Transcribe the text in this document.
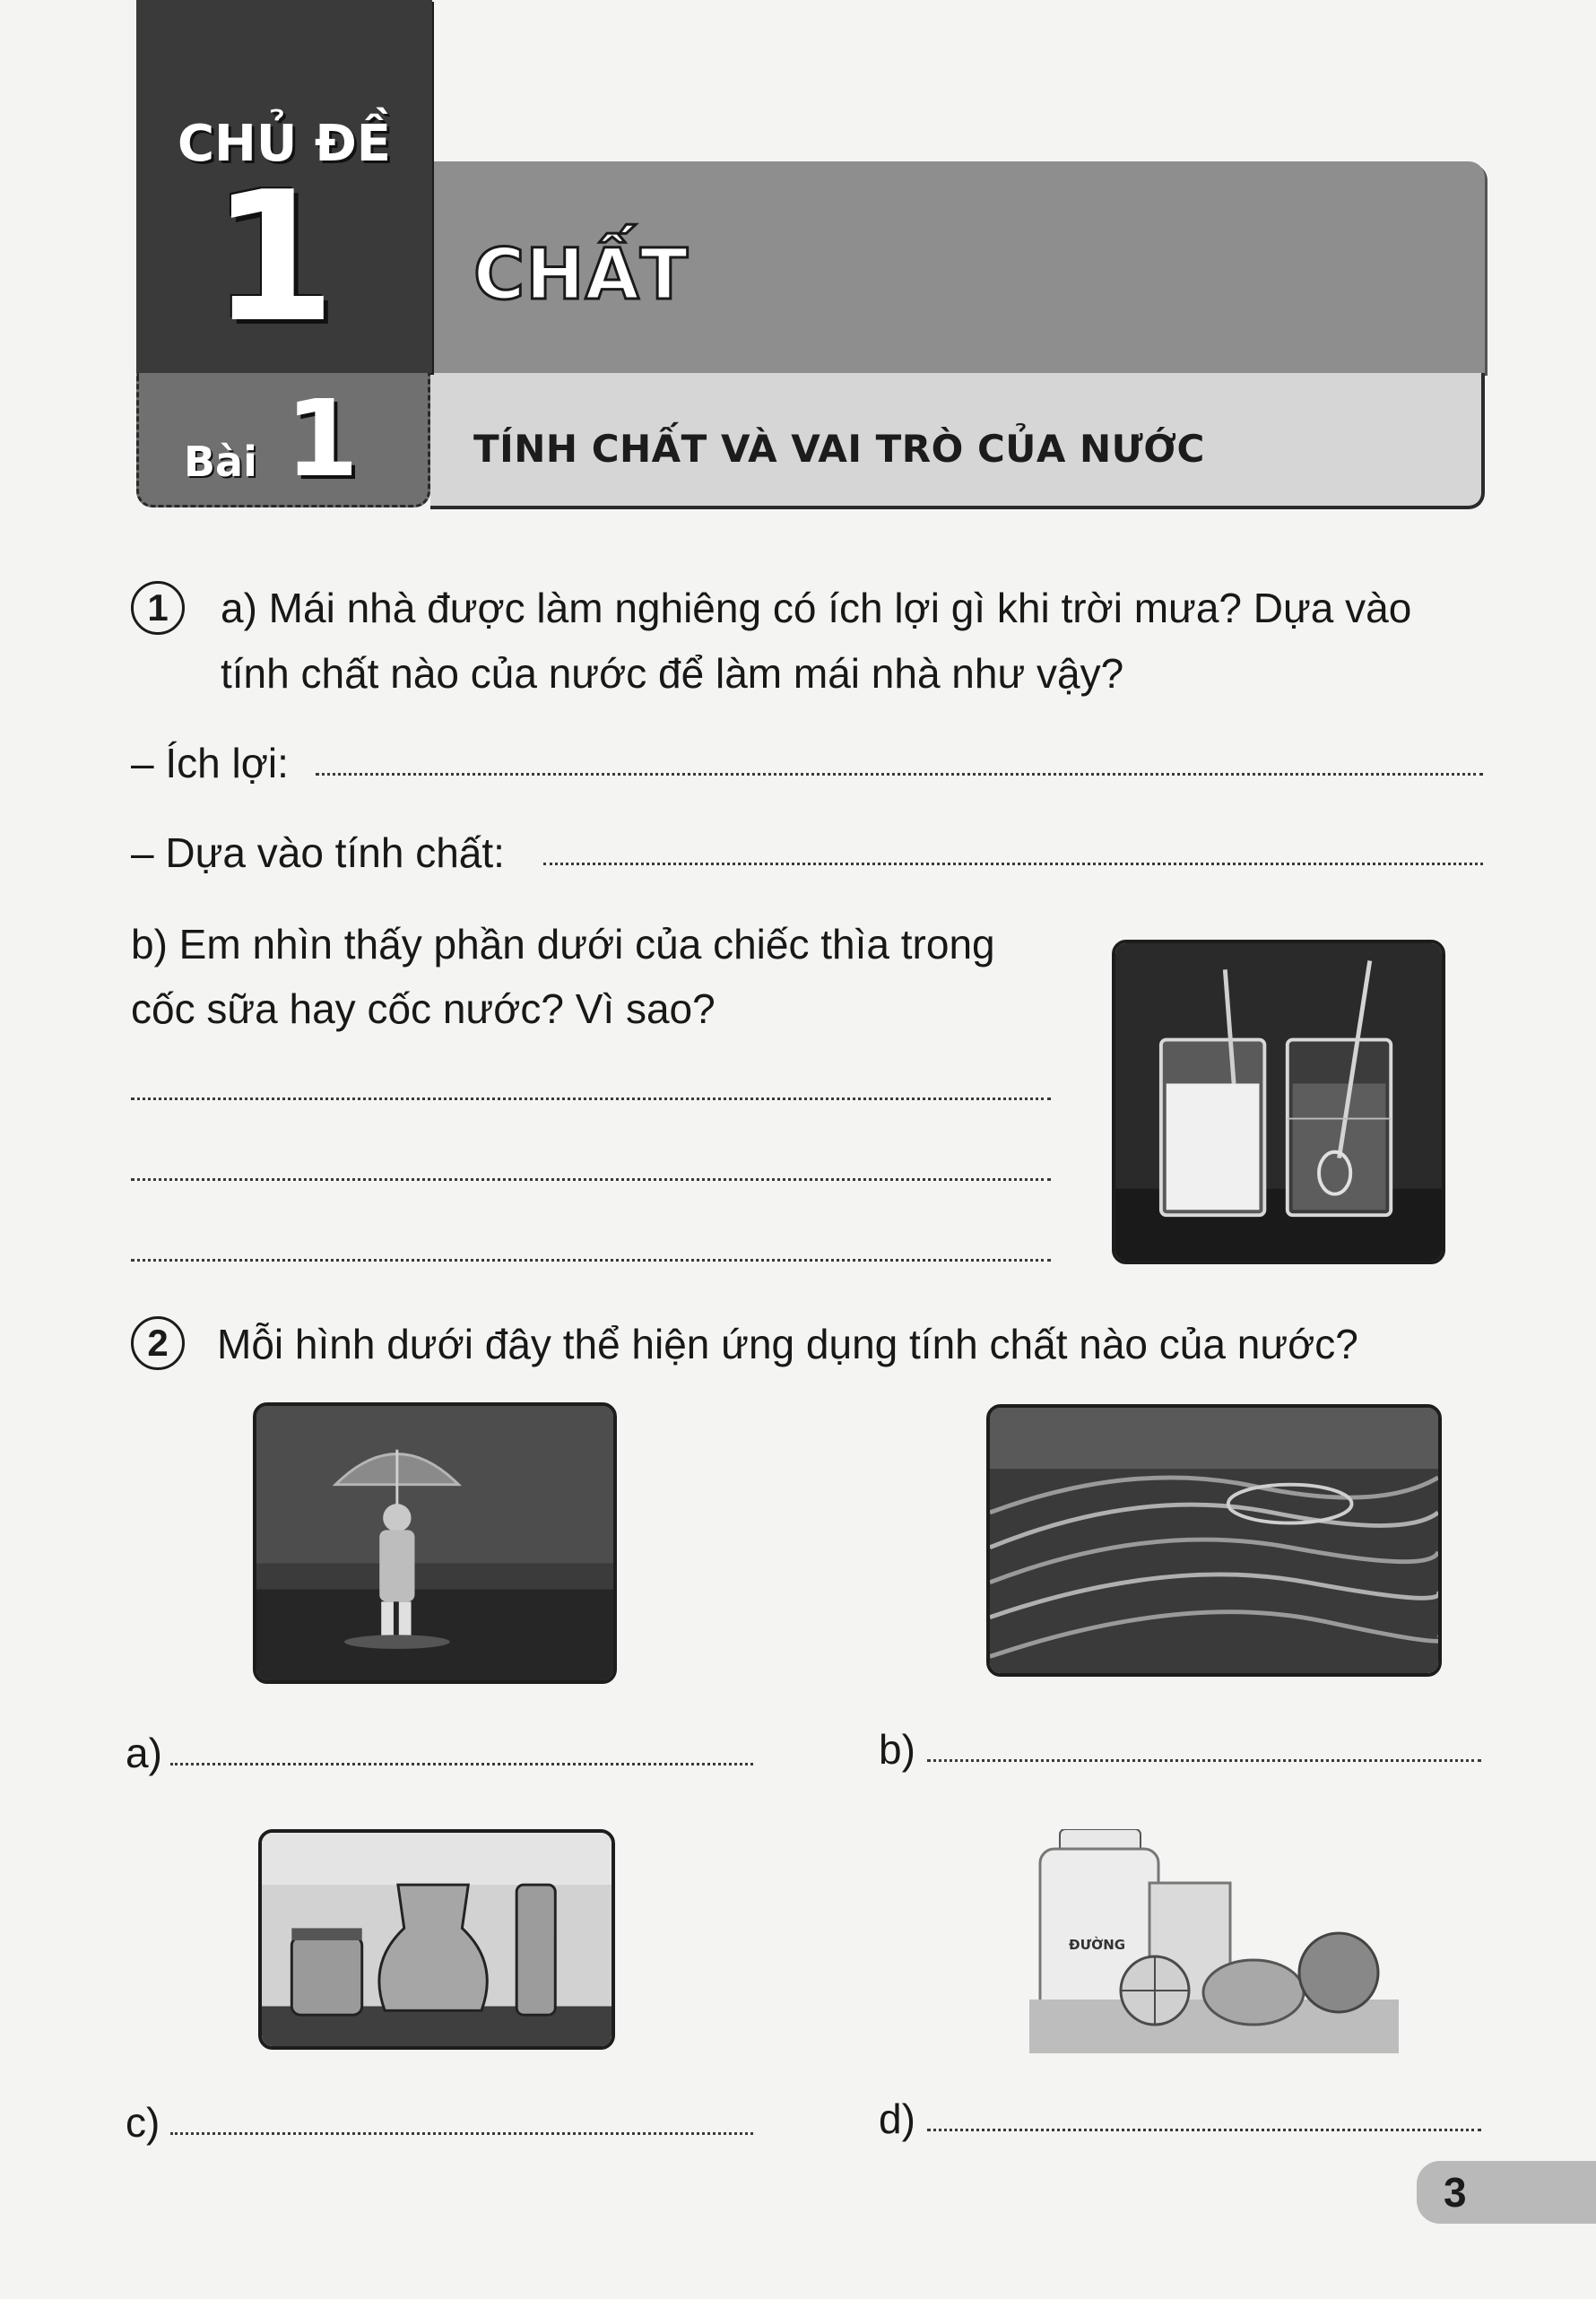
CHỦ ĐỀ
1	CHẤT
Bài 1	TÍNH CHẤT VÀ VAI TRÒ CỦA NƯỚC
1	a) Mái nhà được làm nghiêng có ích lợi gì khi trời mưa? Dựa vào
tính chất nào của nước để làm mái nhà như vậy?
– Ích lợi:
– Dựa vào tính chất:
b) Em nhìn thấy phần dưới của chiếc thìa trong
cốc sữa hay cốc nước? Vì sao?
2	Mỗi hình dưới đây thể hiện ứng dụng tính chất nào của nước?
a)	b)
ĐƯỜNG
c)	d)
3
